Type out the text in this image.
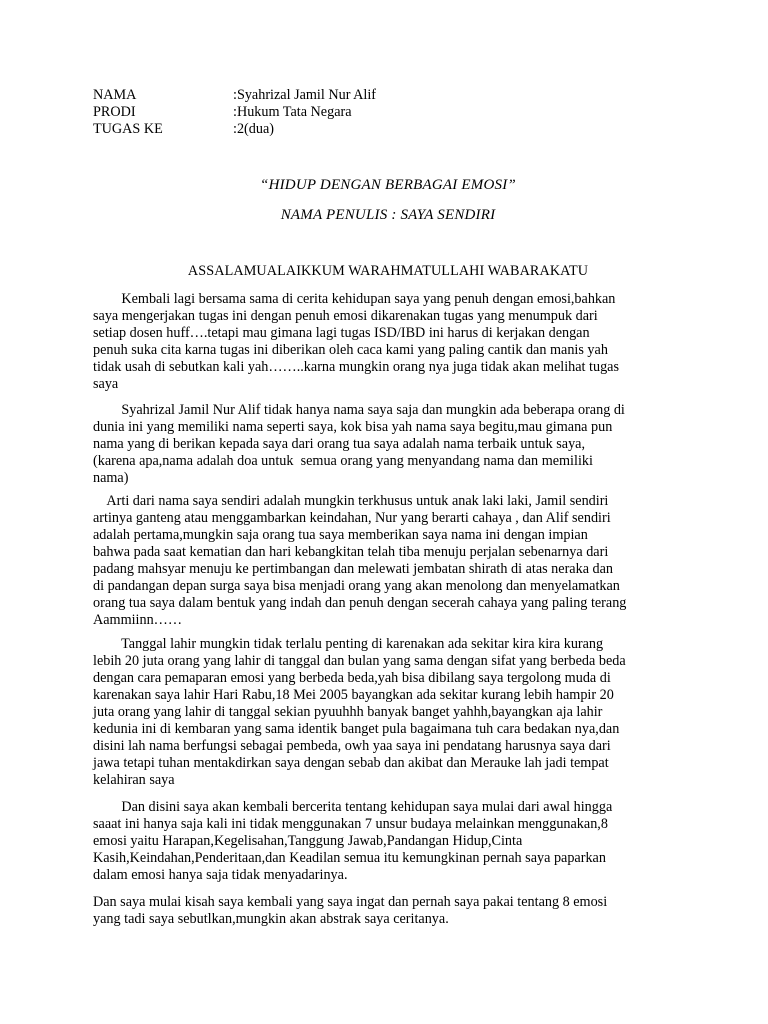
NAMA	:Syahrizal Jamil Nur Alif
PRODI	:Hukum Tata Negara
TUGAS KE	:2(dua)
“HIDUP DENGAN BERBAGAI EMOSI”
NAMA PENULIS : SAYA SENDIRI
ASSALAMUALAIKKUM WARAHMATULLAHI WABARAKATU
Kembali lagi bersama sama di cerita kehidupan saya yang penuh dengan emosi,bahkan
saya mengerjakan tugas ini dengan penuh emosi dikarenakan tugas yang menumpuk dari
setiap dosen huff….tetapi mau gimana lagi tugas ISD/IBD ini harus di kerjakan dengan
penuh suka cita karna tugas ini diberikan oleh caca kami yang paling cantik dan manis yah
tidak usah di sebutkan kali yah……..karna mungkin orang nya juga tidak akan melihat tugas
saya
Syahrizal Jamil Nur Alif tidak hanya nama saya saja dan mungkin ada beberapa orang di
dunia ini yang memiliki nama seperti saya, kok bisa yah nama saya begitu,mau gimana pun
nama yang di berikan kepada saya dari orang tua saya adalah nama terbaik untuk saya,
(karena apa,nama adalah doa untuk  semua orang yang menyandang nama dan memiliki
nama)
Arti dari nama saya sendiri adalah mungkin terkhusus untuk anak laki laki, Jamil sendiri
artinya ganteng atau menggambarkan keindahan, Nur yang berarti cahaya , dan Alif sendiri
adalah pertama,mungkin saja orang tua saya memberikan saya nama ini dengan impian
bahwa pada saat kematian dan hari kebangkitan telah tiba menuju perjalan sebenarnya dari
padang mahsyar menuju ke pertimbangan dan melewati jembatan shirath di atas neraka dan
di pandangan depan surga saya bisa menjadi orang yang akan menolong dan menyelamatkan
orang tua saya dalam bentuk yang indah dan penuh dengan secerah cahaya yang paling terang
Aammiinn……
Tanggal lahir mungkin tidak terlalu penting di karenakan ada sekitar kira kira kurang
lebih 20 juta orang yang lahir di tanggal dan bulan yang sama dengan sifat yang berbeda beda
dengan cara pemaparan emosi yang berbeda beda,yah bisa dibilang saya tergolong muda di
karenakan saya lahir Hari Rabu,18 Mei 2005 bayangkan ada sekitar kurang lebih hampir 20
juta orang yang lahir di tanggal sekian pyuuhhh banyak banget yahhh,bayangkan aja lahir
kedunia ini di kembaran yang sama identik banget pula bagaimana tuh cara bedakan nya,dan
disini lah nama berfungsi sebagai pembeda, owh yaa saya ini pendatang harusnya saya dari
jawa tetapi tuhan mentakdirkan saya dengan sebab dan akibat dan Merauke lah jadi tempat
kelahiran saya
Dan disini saya akan kembali bercerita tentang kehidupan saya mulai dari awal hingga
saaat ini hanya saja kali ini tidak menggunakan 7 unsur budaya melainkan menggunakan,8
emosi yaitu Harapan,Kegelisahan,Tanggung Jawab,Pandangan Hidup,Cinta
Kasih,Keindahan,Penderitaan,dan Keadilan semua itu kemungkinan pernah saya paparkan
dalam emosi hanya saja tidak menyadarinya.
Dan saya mulai kisah saya kembali yang saya ingat dan pernah saya pakai tentang 8 emosi
yang tadi saya sebutlkan,mungkin akan abstrak saya ceritanya.
